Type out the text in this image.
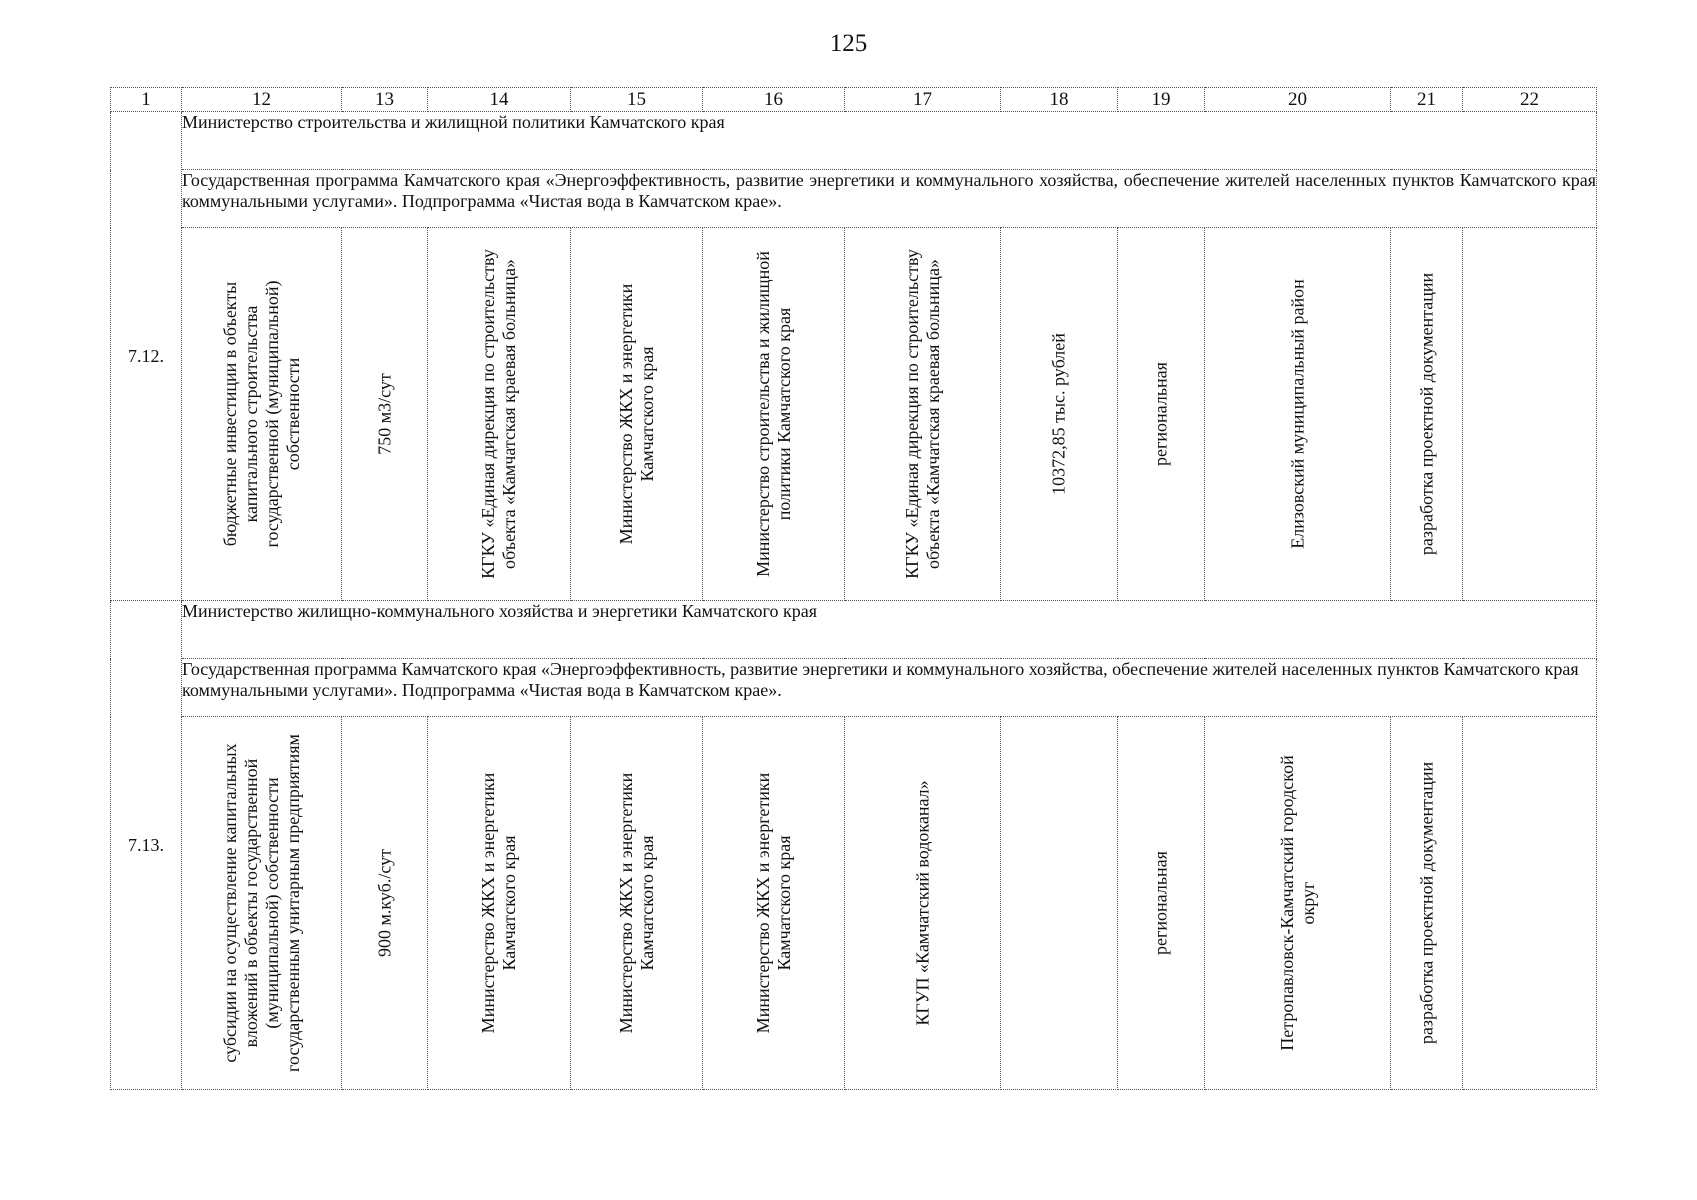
125
1	12	13	14	15	16	17	18	19	20	21	22
7.12.	Министерство строительства и жилищной политики Камчатского края										
	Государственная программа Камчатского края «Энергоэффективность, развитие энергетики и коммунального хозяйства, обеспечение жителей населенных пунктов Камчатского края коммунальными услугами». Подпрограмма «Чистая вода в Камчатском крае».										

	бюджетные инвестиции в объекты капитального строительства государственной (муниципальной) собственности	750 м3/сут	КГКУ «Единая дирекция по строительству объекта «Камчатская краевая больница»	Министерство ЖКХ и энергетики Камчатского края	Министерство строительства и жилищной политики Камчатского края	КГКУ «Единая дирекция по строительству объекта «Камчатская краевая больница»	10372,85 тыс. рублей	региональная	Елизовский муниципальный район	разработка проектной документации	

7.13.	Министерство жилищно-коммунального хозяйства и энергетики Камчатского края										
	Государственная программа Камчатского края «Энергоэффективность, развитие энергетики и коммунального хозяйства, обеспечение жителей населенных пунктов Камчатского края коммунальными услугами». Подпрограмма «Чистая вода в Камчатском крае».										

	субсидии на осуществление капитальных вложений в объекты государственной (муниципальной) собственности государственным унитарным предприятиям	900 м.куб./сут	Министерство ЖКХ и энергетики Камчатского края	Министерство ЖКХ и энергетики Камчатского края	Министерство ЖКХ и энергетики Камчатского края	КГУП «Камчатский водоканал»		региональная	Петропавловск-Камчатский городской округ	разработка проектной документации	
